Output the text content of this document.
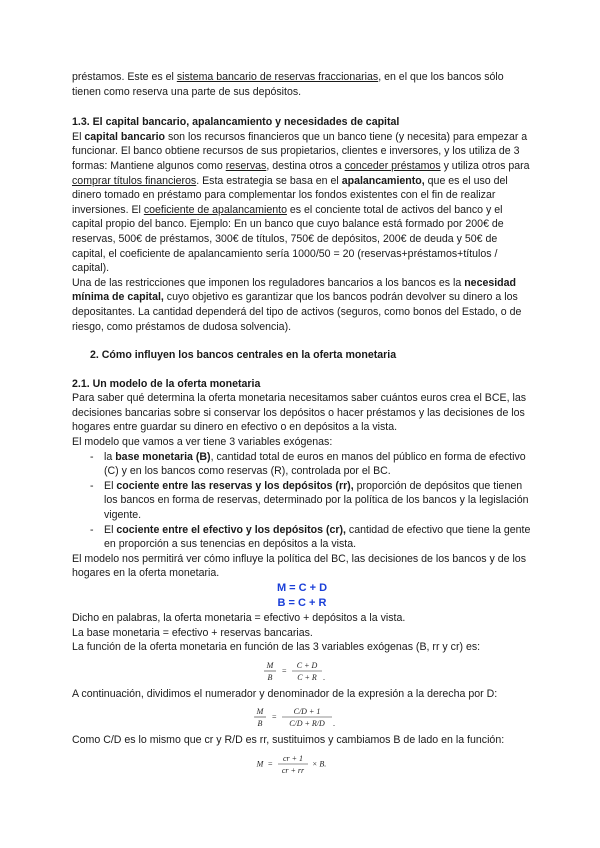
préstamos. Este es el sistema bancario de reservas fraccionarias, en el que los bancos sólo tienen como reserva una parte de sus depósitos.

1.3. El capital bancario, apalancamiento y necesidades de capital

El capital bancario son los recursos financieros que un banco tiene (y necesita) para empezar a funcionar. El banco obtiene recursos de sus propietarios, clientes e inversores, y los utiliza de 3 formas: Mantiene algunos como reservas, destina otros a conceder préstamos y utiliza otros para comprar títulos financieros. Esta estrategia se basa en el apalancamiento, que es el uso del dinero tomado en préstamo para complementar los fondos existentes con el fin de realizar inversiones. El coeficiente de apalancamiento es el conciente total de activos del banco y el capital propio del banco. Ejemplo: En un banco que cuyo balance está formado por 200€ de reservas, 500€ de préstamos, 300€ de títulos, 750€ de depósitos, 200€ de deuda y 50€ de capital, el coeficiente de apalancamiento sería 1000/50 = 20 (reservas+préstamos+títulos / capital).

Una de las restricciones que imponen los reguladores bancarios a los bancos es la necesidad mínima de capital, cuyo objetivo es garantizar que los bancos podrán devolver su dinero a los depositantes. La cantidad dependerá del tipo de activos (seguros, como bonos del Estado, o de riesgo, como préstamos de dudosa solvencia).

2. Cómo influyen los bancos centrales en la oferta monetaria

2.1. Un modelo de la oferta monetaria

Para saber qué determina la oferta monetaria necesitamos saber cuántos euros crea el BCE, las decisiones bancarias sobre si conservar los depósitos o hacer préstamos y las decisiones de los hogares entre guardar su dinero en efectivo o en depósitos a la vista.

El modelo que vamos a ver tiene 3 variables exógenas:

- la base monetaria (B), cantidad total de euros en manos del público en forma de efectivo (C) y en los bancos como reservas (R), controlada por el BC.
- El cociente entre las reservas y los depósitos (rr), proporción de depósitos que tienen los bancos en forma de reservas, determinado por la política de los bancos y la legislación vigente.
- El cociente entre el efectivo y los depósitos (cr), cantidad de efectivo que tiene la gente en proporción a sus tenencias en depósitos a la vista.

El modelo nos permitirá ver cómo influye la política del BC, las decisiones de los bancos y de los hogares en la oferta monetaria.

M = C + D

B = C + R

Dicho en palabras, la oferta monetaria = efectivo + depósitos a la vista.

La base monetaria = efectivo + reservas bancarias.

La función de la oferta monetaria en función de las 3 variables exógenas (B, rr y cr) es:

M
B
=
C + D
C + R .

A continuación, dividimos el numerador y denominador de la expresión a la derecha por D:

M
B
=
C/D + 1
C/D + R/D .

Como C/D es lo mismo que cr y R/D es rr, sustituimos y cambiamos B de lado en la función:

M =
cr + 1
cr + rr
× B.
